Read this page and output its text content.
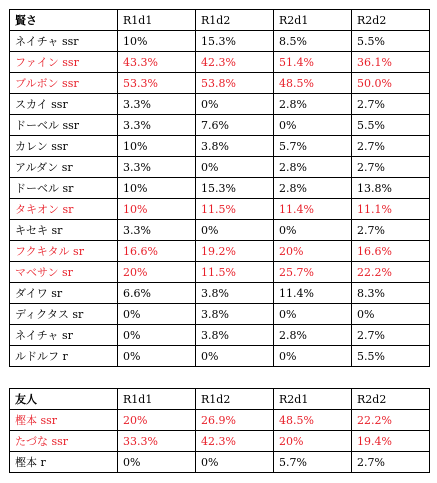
賢さ	R1d1	R1d2	R2d1	R2d2
ネイチャ ssr	10%	15.3%	8.5%	5.5%
ファイン ssr	43.3%	42.3%	51.4%	36.1%
ブルボン ssr	53.3%	53.8%	48.5%	50.0%
スカイ ssr	3.3%	0%	2.8%	2.7%
ドーベル ssr	3.3%	7.6%	0%	5.5%
カレン ssr	10%	3.8%	5.7%	2.7%
アルダン sr	3.3%	0%	2.8%	2.7%
ドーベル sr	10%	15.3%	2.8%	13.8%
タキオン sr	10%	11.5%	11.4%	11.1%
キセキ sr	3.3%	0%	0%	2.7%
フクキタル sr	16.6%	19.2%	20%	16.6%
マベサン sr	20%	11.5%	25.7%	22.2%
ダイワ sr	6.6%	3.8%	11.4%	8.3%
ディクタス sr	0%	3.8%	0%	0%
ネイチャ sr	0%	3.8%	2.8%	2.7%
ルドルフ r	0%	0%	0%	5.5%
友人	R1d1	R1d2	R2d1	R2d2
樫本 ssr	20%	26.9%	48.5%	22.2%
たづな ssr	33.3%	42.3%	20%	19.4%
樫本 r	0%	0%	5.7%	2.7%
